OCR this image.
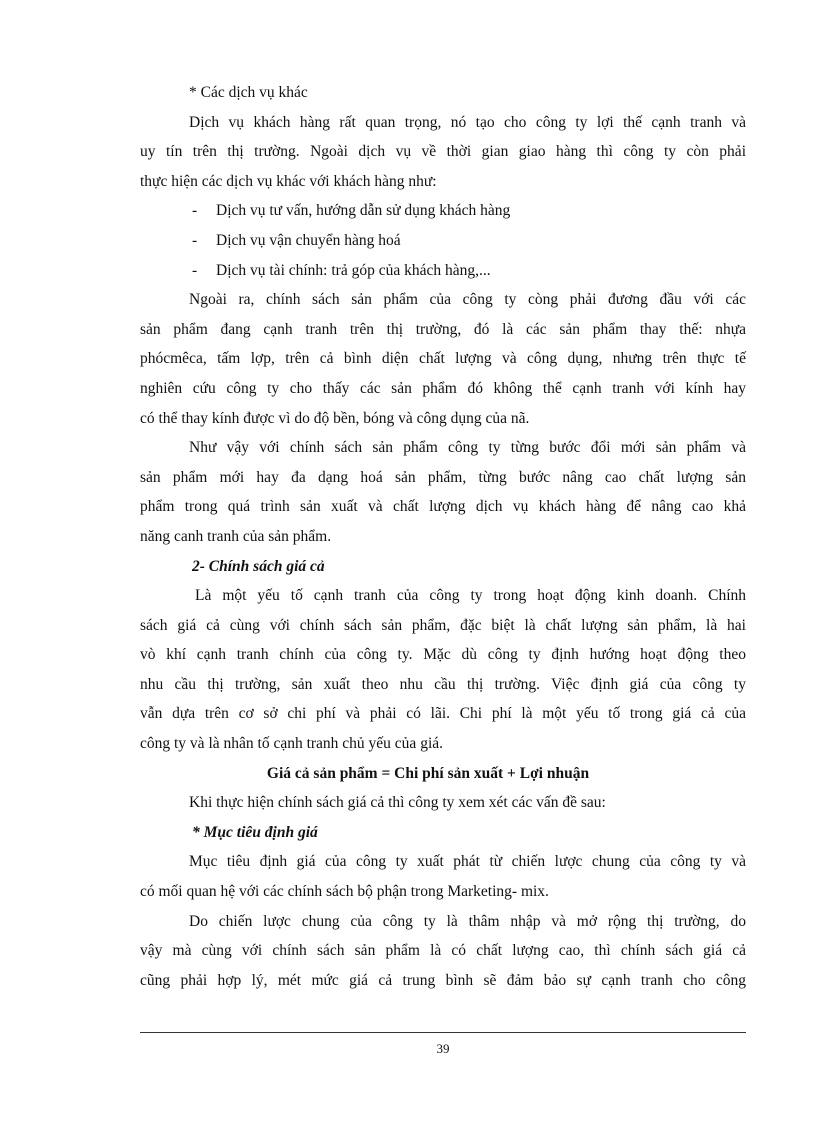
* Các dịch vụ khác
Dịch vụ khách hàng rất quan trọng, nó tạo cho công ty lợi thế cạnh tranh và
uy tín trên thị trường. Ngoài dịch vụ về thời gian giao hàng thì công ty còn phải
thực hiện các dịch vụ khác với khách hàng như:
- Dịch vụ tư vấn, hướng dẫn sử dụng khách hàng
- Dịch vụ vận chuyển hàng hoá
- Dịch vụ tài chính: trả góp của khách hàng,...
Ngoài ra, chính sách sản phẩm của công ty còng phải đương đầu với các
sản phẩm đang cạnh tranh trên thị trường, đó là các sản phẩm thay thế: nhựa
phócmêca, tấm lợp, trên cả bình diện chất lượng và công dụng, nhưng trên thực tế
nghiên cứu công ty cho thấy các sản phẩm đó không thể cạnh tranh với kính hay
có thể thay kính được vì do độ bền, bóng và công dụng của nã.
Như vậy với chính sách sản phẩm công ty từng bước đổi mới sản phẩm và
sản phẩm mới hay đa dạng hoá sản phẩm, từng bước nâng cao chất lượng sản
phẩm trong quá trình sản xuất và chất lượng dịch vụ khách hàng để nâng cao khả
năng canh tranh của sản phẩm.
2- Chính sách giá cả
Là một yếu tố cạnh tranh của công ty trong hoạt động kinh doanh. Chính
sách giá cả cùng với chính sách sản phẩm, đặc biệt là chất lượng sản phẩm, là hai
vò khí cạnh tranh chính của công ty. Mặc dù công ty định hướng hoạt động theo
nhu cầu thị trường, sản xuất theo nhu cầu thị trường. Việc định giá của công ty
vẫn dựa trên cơ sở chi phí và phải có lãi. Chi phí là một yếu tố trong giá cả của
công ty và là nhân tố cạnh tranh chủ yếu của giá.
Giá cả sản phẩm = Chi phí sản xuất + Lợi nhuận
Khi thực hiện chính sách giá cả thì công ty xem xét các vấn đề sau:
* Mục tiêu định giá
Mục tiêu định giá của công ty xuất phát từ chiến lược chung của công ty và
có mối quan hệ với các chính sách bộ phận trong Marketing- mix.
Do chiến lược chung của công ty là thâm nhập và mở rộng thị trường, do
vậy mà cùng với chính sách sản phẩm là có chất lượng cao, thì chính sách giá cả
cũng phải hợp lý, mét mức giá cả trung bình sẽ đảm bảo sự cạnh tranh cho công
39
